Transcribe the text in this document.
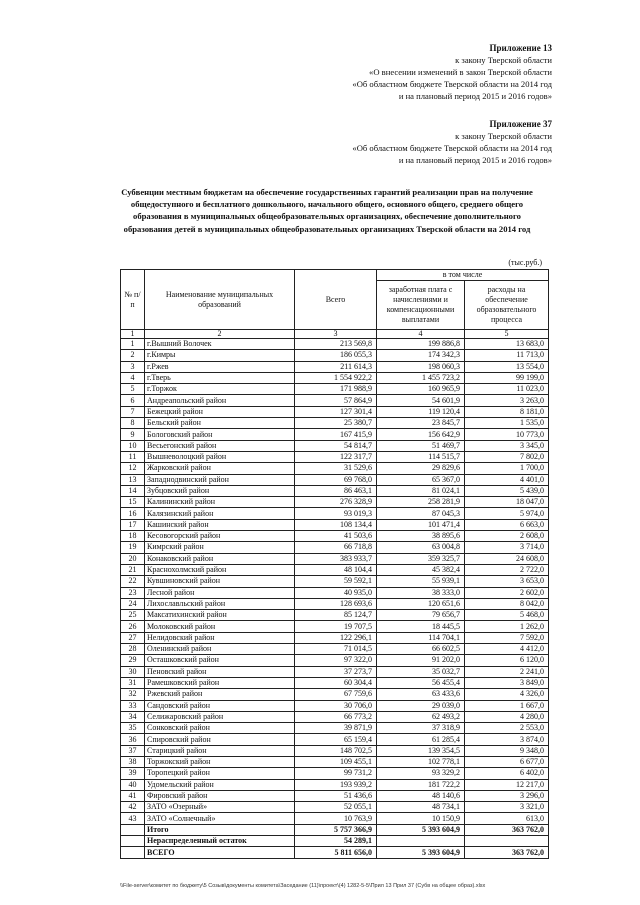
Приложение 13
к закону Тверской области
«О внесении изменений в закон Тверской области
«Об областном бюджете Тверской области на 2014 год
и на плановый период 2015 и 2016 годов»
Приложение 37
к закону Тверской области
«Об областном бюджете Тверской области на 2014 год
и на плановый период 2015 и 2016 годов»
Субвенции местным бюджетам на обеспечение государственных гарантий реализации прав на получение общедоступного и бесплатного дошкольного, начального общего, основного общего, среднего общего образования в муниципальных общеобразовательных организациях, обеспечение дополнительного образования детей в муниципальных общеобразовательных организациях Тверской области на 2014 год
(тыс.руб.)
№ п/п	Наименование муниципальных образований	Всего	в том числе	
			заработная плата с начислениями и компенсационными выплатами	расходы на обеспечение образовательного процесса
1	2	3	4	5
1	г.Вышний Волочек	213 569,8	199 886,8	13 683,0
2	г.Кимры	186 055,3	174 342,3	11 713,0
3	г.Ржев	211 614,3	198 060,3	13 554,0
4	г.Тверь	1 554 922,2	1 455 723,2	99 199,0
5	г.Торжок	171 988,9	160 965,9	11 023,0
6	Андреапольский район	57 864,9	54 601,9	3 263,0
7	Бежецкий район	127 301,4	119 120,4	8 181,0
8	Бельский район	25 380,7	23 845,7	1 535,0
9	Бологовский район	167 415,9	156 642,9	10 773,0
10	Весьегонский район	54 814,7	51 469,7	3 345,0
11	Вышневолоцкий район	122 317,7	114 515,7	7 802,0
12	Жарковский район	31 529,6	29 829,6	1 700,0
13	Западнодвинский район	69 768,0	65 367,0	4 401,0
14	Зубцовский район	86 463,1	81 024,1	5 439,0
15	Калининский район	276 328,9	258 281,9	18 047,0
16	Калязинский район	93 019,3	87 045,3	5 974,0
17	Кашинский район	108 134,4	101 471,4	6 663,0
18	Кесовогорский район	41 503,6	38 895,6	2 608,0
19	Кимрский район	66 718,8	63 004,8	3 714,0
20	Конаковский район	383 933,7	359 325,7	24 608,0
21	Краснохолмский район	48 104,4	45 382,4	2 722,0
22	Кувшиновский район	59 592,1	55 939,1	3 653,0
23	Лесной район	40 935,0	38 333,0	2 602,0
24	Лихославльский район	128 693,6	120 651,6	8 042,0
25	Максатихинский район	85 124,7	79 656,7	5 468,0
26	Молоковский район	19 707,5	18 445,5	1 262,0
27	Нелидовский район	122 296,1	114 704,1	7 592,0
28	Оленинский район	71 014,5	66 602,5	4 412,0
29	Осташковский район	97 322,0	91 202,0	6 120,0
30	Пеновский район	37 273,7	35 032,7	2 241,0
31	Рамешковский район	60 304,4	56 455,4	3 849,0
32	Ржевский район	67 759,6	63 433,6	4 326,0
33	Сандовский район	30 706,0	29 039,0	1 667,0
34	Селижаровский район	66 773,2	62 493,2	4 280,0
35	Сонковский район	39 871,9	37 318,9	2 553,0
36	Спировский район	65 159,4	61 285,4	3 874,0
37	Старицкий район	148 702,5	139 354,5	9 348,0
38	Торжокский район	109 455,1	102 778,1	6 677,0
39	Торопецкий район	99 731,2	93 329,2	6 402,0
40	Удомельский район	193 939,2	181 722,2	12 217,0
41	Фировский район	51 436,6	48 140,6	3 296,0
42	ЗАТО «Озерный»	52 055,1	48 734,1	3 321,0
43	ЗАТО «Солнечный»	10 763,9	10 150,9	613,0
	Итого	5 757 366,9	5 393 604,9	363 762,0
	Нераспределенный остаток	54 289,1		
	ВСЕГО	5 811 656,0	5 393 604,9	363 762,0
\\File-server\комитет по бюджету\5 Созыв\документы комитета\Заседание (11)\проект\(4) 1282-5-5\Прил 13 Прил 37 (Субв на общее образ).xlsx
